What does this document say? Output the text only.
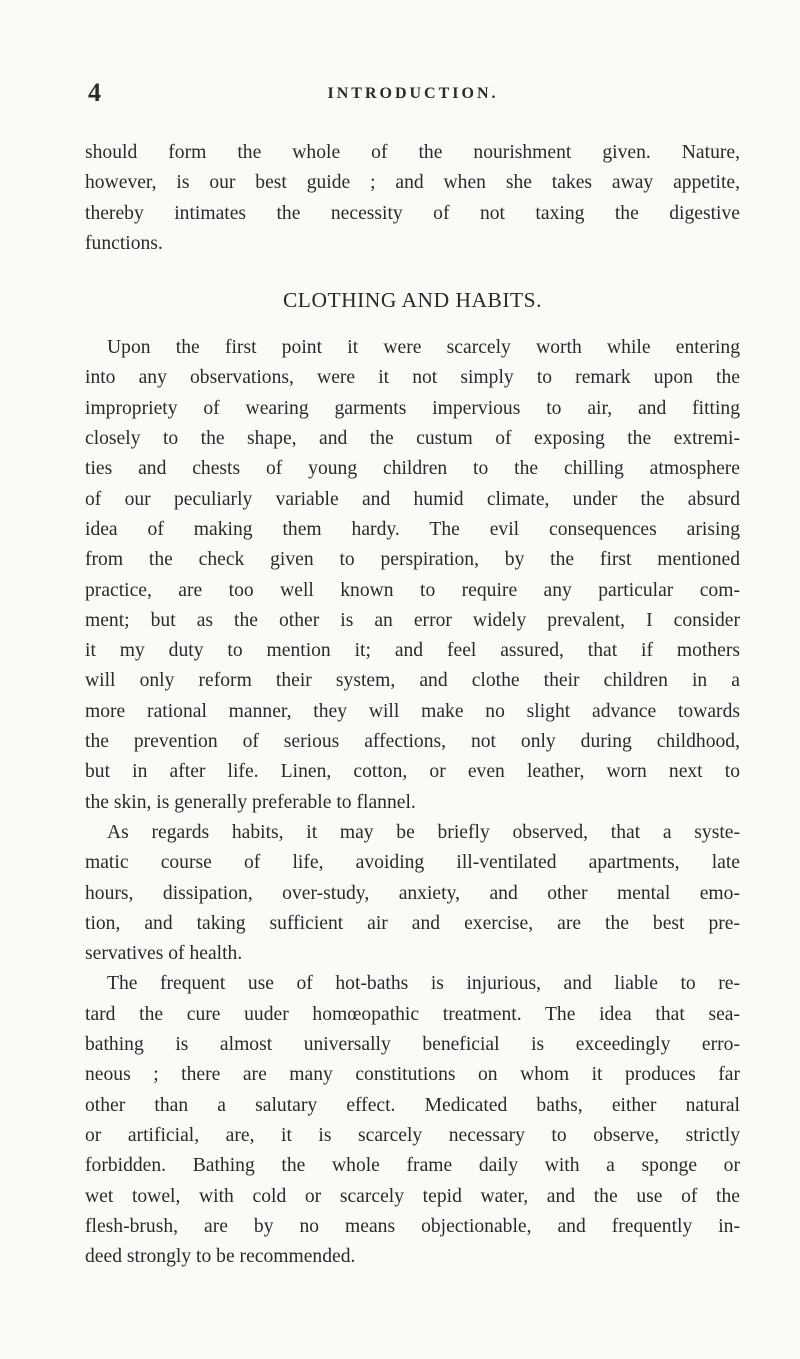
4	INTRODUCTION.

should form the whole of the nourishment given. Nature,

however, is our best guide ; and when she takes away appetite,

thereby intimates the necessity of not taxing the digestive

functions.

CLOTHING AND HABITS.

Upon the first point it were scarcely worth while entering

into any observations, were it not simply to remark upon the

impropriety of wearing garments impervious to air, and fitting

closely to the shape, and the custum of exposing the extremi-

ties and chests of young children to the chilling atmosphere

of our peculiarly variable and humid climate, under the absurd

idea of making them hardy. The evil consequences arising

from the check given to perspiration, by the first mentioned

practice, are too well known to require any particular com-

ment; but as the other is an error widely prevalent, I consider

it my duty to mention it; and feel assured, that if mothers

will only reform their system, and clothe their children in a

more rational manner, they will make no slight advance towards

the prevention of serious affections, not only during childhood,

but in after life. Linen, cotton, or even leather, worn next to

the skin, is generally preferable to flannel.

As regards habits, it may be briefly observed, that a syste-

matic course of life, avoiding ill-ventilated apartments, late

hours, dissipation, over-study, anxiety, and other mental emo-

tion, and taking sufficient air and exercise, are the best pre-

servatives of health.

The frequent use of hot-baths is injurious, and liable to re-

tard the cure uuder homœopathic treatment. The idea that sea-

bathing is almost universally beneficial is exceedingly erro-

neous ; there are many constitutions on whom it produces far

other than a salutary effect. Medicated baths, either natural

or artificial, are, it is scarcely necessary to observe, strictly

forbidden. Bathing the whole frame daily with a sponge or

wet towel, with cold or scarcely tepid water, and the use of the

flesh-brush, are by no means objectionable, and frequently in-

deed strongly to be recommended.
